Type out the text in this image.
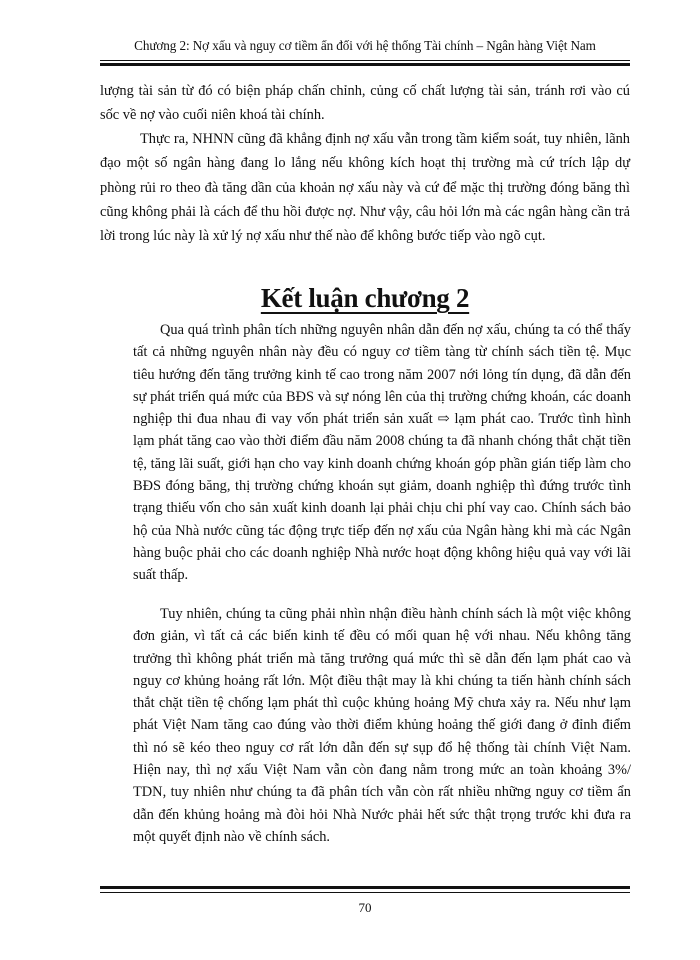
Chương 2: Nợ xấu và nguy cơ tiềm ẩn đối với hệ thống Tài chính – Ngân hàng Việt Nam

lượng tài sản từ đó có biện pháp chấn chỉnh, củng cố chất lượng tài sản, tránh rơi vào cú sốc về nợ vào cuối niên khoá tài chính.

Thực ra, NHNN cũng đã khẳng định nợ xấu vẫn trong tầm kiểm soát, tuy nhiên, lãnh đạo một số ngân hàng đang lo lắng nếu không kích hoạt thị trường mà cứ trích lập dự phòng rủi ro theo đà tăng dần của khoản nợ xấu này và cứ để mặc thị trường đóng băng thì cũng không phải là cách để thu hồi được nợ. Như vậy, câu hỏi lớn mà các ngân hàng cần trả lời trong lúc này là xử lý nợ xấu như thế nào để không bước tiếp vào ngõ cụt.

Kết luận chương 2

Qua quá trình phân tích những nguyên nhân dẫn đến nợ xấu, chúng ta có thể thấy tất cả những nguyên nhân này đều có nguy cơ tiềm tàng từ chính sách tiền tệ. Mục tiêu hướng đến tăng trưởng kinh tế cao trong năm 2007 nới lỏng tín dụng, đã dẫn đến sự phát triển quá mức của BĐS và sự nóng lên của thị trường chứng khoán, các doanh nghiệp thi đua nhau đi vay vốn phát triển sản xuất ⇨ lạm phát cao. Trước tình hình lạm phát tăng cao vào thời điểm đầu năm 2008 chúng ta đã nhanh chóng thắt chặt tiền tệ, tăng lãi suất, giới hạn cho vay kinh doanh chứng khoán góp phần gián tiếp làm cho BĐS đóng băng, thị trường chứng khoán sụt giảm, doanh nghiệp thì đứng trước tình trạng thiếu vốn cho sản xuất kinh doanh lại phải chịu chi phí vay cao. Chính sách bảo hộ của Nhà nước cũng tác động trực tiếp đến nợ xấu của Ngân hàng khi mà các Ngân hàng buộc phải cho các doanh nghiệp Nhà nước hoạt động không hiệu quả vay với lãi suất thấp.

Tuy nhiên, chúng ta cũng phải nhìn nhận điều hành chính sách là một việc không đơn giản, vì tất cả các biến kinh tế đều có mối quan hệ với nhau. Nếu không tăng trưởng thì không phát triển mà tăng trưởng quá mức thì sẽ dẫn đến lạm phát cao và nguy cơ khủng hoảng rất lớn. Một điều thật may là khi chúng ta tiến hành chính sách thắt chặt tiền tệ chống lạm phát thì cuộc khủng hoảng Mỹ chưa xảy ra. Nếu như lạm phát Việt Nam tăng cao đúng vào thời điểm khủng hoảng thế giới đang ở đỉnh điểm thì nó sẽ kéo theo nguy cơ rất lớn dẫn đến sự sụp đổ hệ thống tài chính Việt Nam. Hiện nay, thì nợ xấu Việt Nam vẫn còn đang nằm trong mức an toàn khoảng 3%/ TDN, tuy nhiên như chúng ta đã phân tích vẫn còn rất nhiều những nguy cơ tiềm ẩn dẫn đến khủng hoảng mà đòi hỏi Nhà Nước phải hết sức thật trọng trước khi đưa ra một quyết định nào về chính sách.

70
